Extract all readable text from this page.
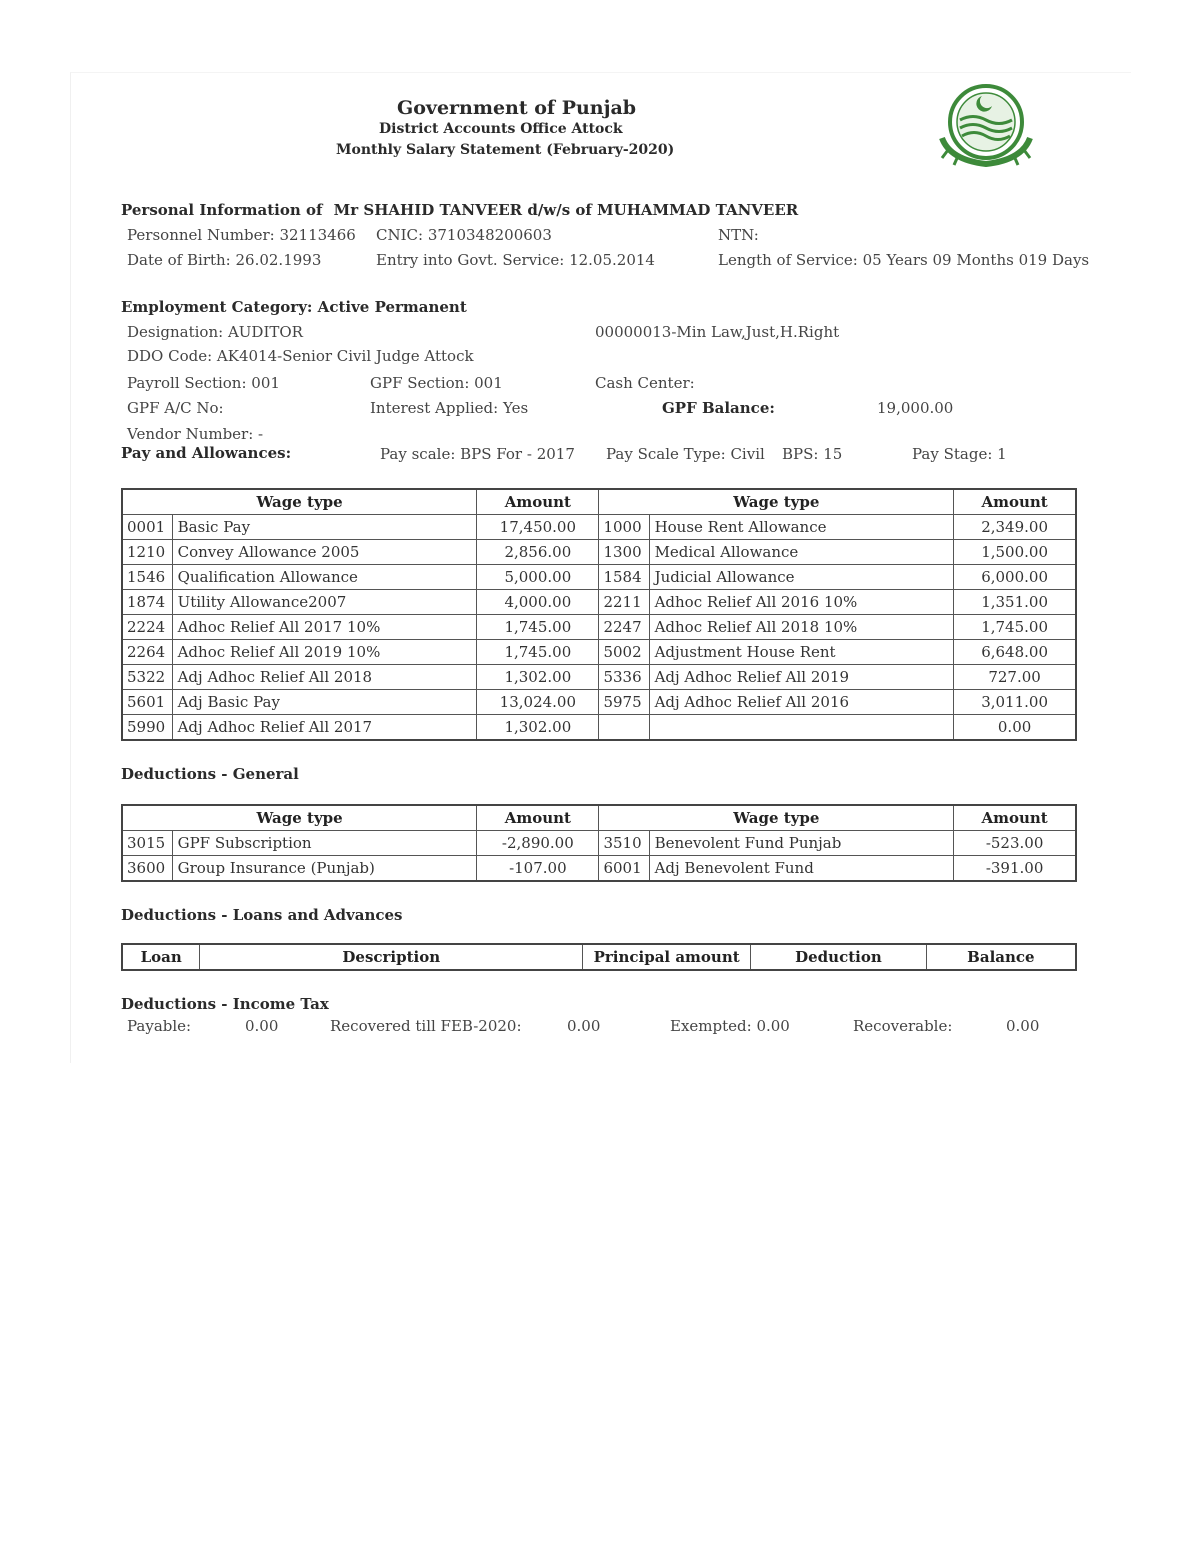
Government of Punjab
District Accounts Office Attock
Monthly Salary Statement (February-2020)
Personal Information of Mr SHAHID TANVEER d/w/s of MUHAMMAD TANVEER
Personnel Number: 32113466 CNIC: 3710348200603	NTN:
Date of Birth: 26.02.1993	Entry into Govt. Service: 12.05.2014	Length of Service: 05 Years 09 Months 019 Days
Employment Category: Active Permanent
Designation: AUDITOR	00000013-Min Law,Just,H.Right
DDO Code: AK4014-Senior Civil Judge Attock
Payroll Section: 001	GPF Section: 001	Cash Center:
GPF A/C No:	Interest Applied: Yes	GPF Balance:	19,000.00
Vendor Number: -
Pay and Allowances:	Pay scale: BPS For - 2017 Pay Scale Type: Civil BPS: 15	Pay Stage: 1
Wage type		Amount	Wage type		Amount
0001	Basic Pay	17,450.00	1000	House Rent Allowance	2,349.00
1210	Convey Allowance 2005	2,856.00	1300	Medical Allowance	1,500.00
1546	Qualification Allowance	5,000.00	1584	Judicial Allowance	6,000.00
1874	Utility Allowance2007	4,000.00	2211	Adhoc Relief All 2016 10%	1,351.00
2224	Adhoc Relief All 2017 10%	1,745.00	2247	Adhoc Relief All 2018 10%	1,745.00
2264	Adhoc Relief All 2019 10%	1,745.00	5002	Adjustment House Rent	6,648.00
5322	Adj Adhoc Relief All 2018	1,302.00	5336	Adj Adhoc Relief All 2019	727.00
5601	Adj Basic Pay	13,024.00	5975	Adj Adhoc Relief All 2016	3,011.00
5990	Adj Adhoc Relief All 2017	1,302.00			0.00
Deductions - General
Wage type		Amount	Wage type		Amount
3015	GPF Subscription	-2,890.00	3510	Benevolent Fund Punjab	-523.00
3600	Group Insurance (Punjab)	-107.00	6001	Adj Benevolent Fund	-391.00
Deductions - Loans and Advances
Loan	Description	Principal amount	Deduction	Balance
Deductions - Income Tax
Payable:	0.00	Recovered till FEB-2020:	0.00	Exempted: 0.00	Recoverable:	0.00
